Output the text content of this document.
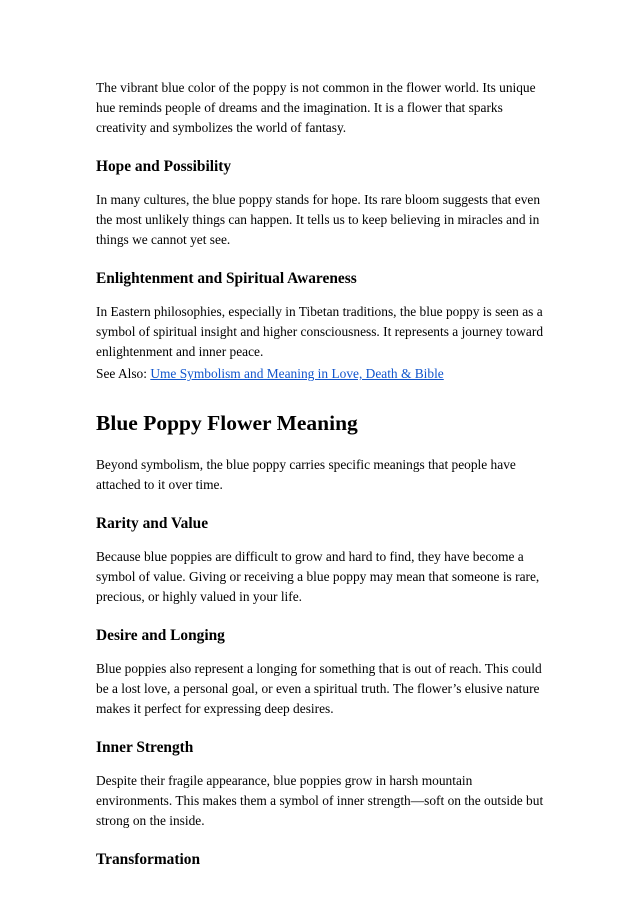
The vibrant blue color of the poppy is not common in the flower world. Its unique hue reminds people of dreams and the imagination. It is a flower that sparks creativity and symbolizes the world of fantasy.

Hope and Possibility

In many cultures, the blue poppy stands for hope. Its rare bloom suggests that even the most unlikely things can happen. It tells us to keep believing in miracles and in things we cannot yet see.

Enlightenment and Spiritual Awareness

In Eastern philosophies, especially in Tibetan traditions, the blue poppy is seen as a symbol of spiritual insight and higher consciousness. It represents a journey toward enlightenment and inner peace.

See Also: Ume Symbolism and Meaning in Love, Death & Bible

Blue Poppy Flower Meaning

Beyond symbolism, the blue poppy carries specific meanings that people have attached to it over time.

Rarity and Value

Because blue poppies are difficult to grow and hard to find, they have become a symbol of value. Giving or receiving a blue poppy may mean that someone is rare, precious, or highly valued in your life.

Desire and Longing

Blue poppies also represent a longing for something that is out of reach. This could be a lost love, a personal goal, or even a spiritual truth. The flower’s elusive nature makes it perfect for expressing deep desires.

Inner Strength

Despite their fragile appearance, blue poppies grow in harsh mountain environments. This makes them a symbol of inner strength—soft on the outside but strong on the inside.

Transformation
